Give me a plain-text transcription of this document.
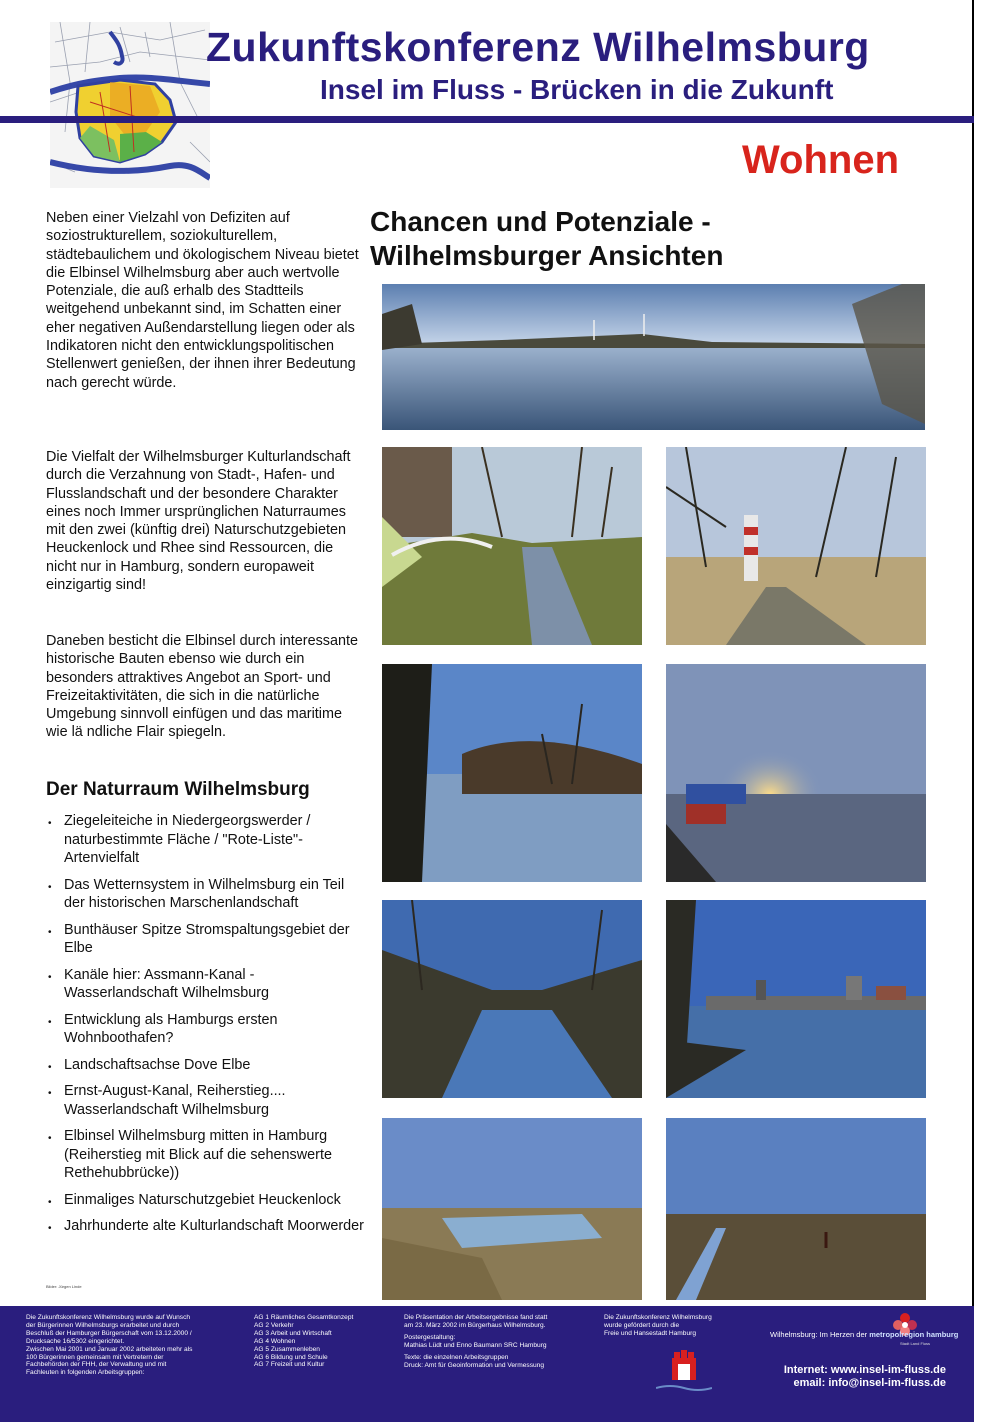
Zukunftskonferenz Wilhelmsburg
Insel im Fluss - Brücken in die Zukunft
Wohnen
Neben einer Vielzahl von Defiziten auf soziostrukturellem, soziokulturellem, städtebaulichem und ökologischem Niveau bietet die Elbinsel Wilhelmsburg aber auch wertvolle Potenziale, die auß erhalb des Stadtteils weitgehend unbekannt sind, im Schatten einer eher negativen Außendarstellung liegen oder als Indikatoren nicht den entwicklungspolitischen Stellenwert genießen, der ihnen ihrer Bedeutung nach gerecht würde.
Die Vielfalt der Wilhelmsburger Kulturlandschaft durch die Verzahnung von Stadt-, Hafen- und Flusslandschaft und der besondere Charakter eines noch Immer ursprünglichen Naturraumes mit den zwei (künftig drei) Naturschutzgebieten Heuckenlock und Rhee sind Ressourcen, die nicht nur in Hamburg, sondern europaweit einzigartig sind!
Daneben besticht die Elbinsel durch interessante historische Bauten ebenso wie durch ein besonders attraktives Angebot an Sport- und Freizeitaktivitäten, die sich in die natürliche Umgebung sinnvoll einfügen und das maritime wie lä ndliche Flair spiegeln.
Der Naturraum Wilhelmsburg
• Ziegeleiteiche in Niedergeorgswerder / naturbestimmte Fläche / "Rote-Liste"- Artenvielfalt
• Das Wetternsystem in Wilhelmsburg ein Teil der historischen Marschenlandschaft
• Bunthäuser Spitze Stromspaltungsgebiet der Elbe
• Kanäle hier: Assmann-Kanal - Wasserlandschaft Wilhelmsburg
• Entwicklung als Hamburgs ersten Wohnboothafen?
• Landschaftsachse Dove Elbe
• Ernst-August-Kanal, Reiherstieg.... Wasserlandschaft Wilhelmsburg
• Elbinsel Wilhelmsburg mitten in Hamburg (Reiherstieg mit Blick auf die sehenswerte Rethehubbrücke))
• Einmaliges Naturschutzgebiet Heuckenlock
• Jahrhunderte alte Kulturlandschaft Moorwerder
Bilder: Jürgen Linde
Chancen und Potenziale -
Wilhelmsburger Ansichten

Die Zukunftskonferenz Wilhelmsburg wurde auf Wunsch

der Bürgerinnen Wilhelmsburgs erarbeitet und durch

Beschluß der Hamburger Bürgerschaft vom 13.12.2000 /

Drucksache 16/5302 eingerichtet.

Zwischen Mai 2001 und Januar 2002 arbeiteten mehr als

100 Bürgerinnen gemeinsam mit Vertretern der

Fachbehörden der FHH, der Verwaltung und mit

Fachleuten in folgenden Arbeitsgruppen:

AG 1 Räumliches Gesamtkonzept

AG 2 Verkehr

AG 3 Arbeit und Wirtschaft

AG 4 Wohnen

AG 5 Zusammenleben

AG 6 Bildung und Schule

AG 7 Freizeit und Kultur

Die Präsentation der Arbeitsergebnisse fand statt

am 23. März 2002 im Bürgerhaus Wilhelmsburg.

Postergestaltung:

Mathias Lüdt und Enno Baumann SRC Hamburg

Texte: die einzelnen Arbeitsgruppen

Druck: Amt für Geoinformation und Vermessung

Die Zukunftskonferenz Wilhelmsburg

wurde gefördert durch die

Freie und Hansestadt Hamburg	Wilhelmsburg: Im Herzen der metropolregion hamburg
Stadt Land Fluss
Internet: www.insel-im-fluss.de
email: info@insel-im-fluss.de
